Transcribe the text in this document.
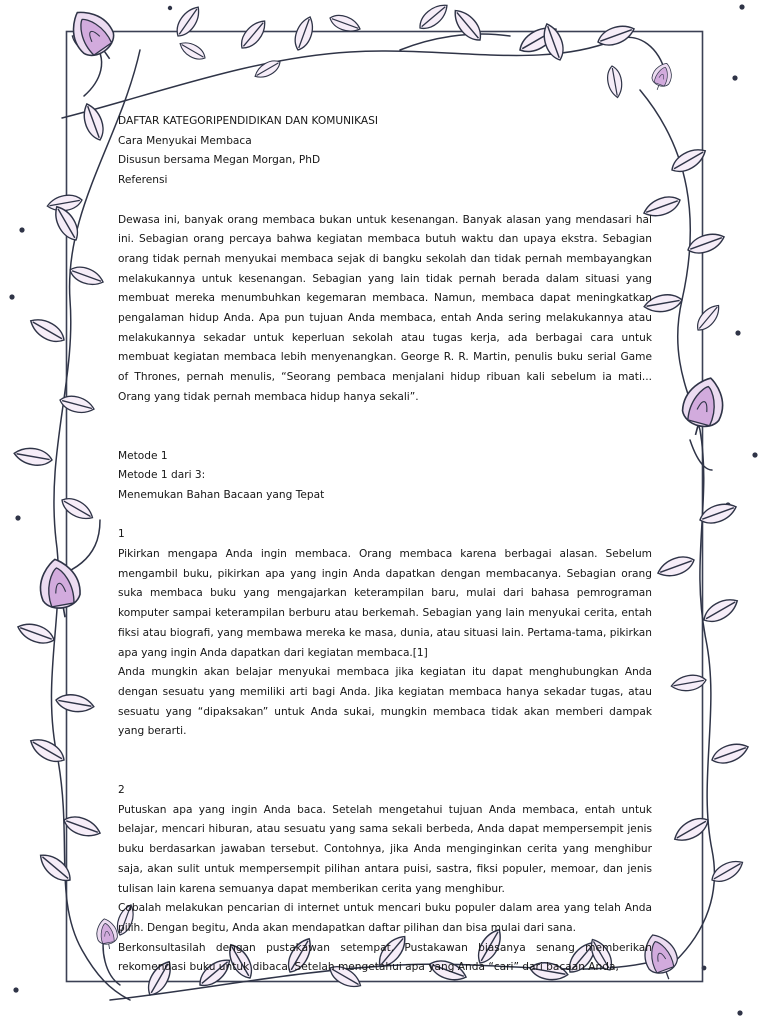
DAFTAR KATEGORIPENDIDIKAN DAN KOMUNIKASI
Cara Menyukai Membaca
Disusun bersama Megan Morgan, PhD
Referensi

Dewasa ini, banyak orang membaca bukan untuk kesenangan. Banyak alasan yang mendasari hal ini. Sebagian orang percaya bahwa kegiatan membaca butuh waktu dan upaya ekstra. Sebagian orang tidak pernah menyukai membaca sejak di bangku sekolah dan tidak pernah membayangkan melakukannya untuk kesenangan. Sebagian yang lain tidak pernah berada dalam situasi yang membuat mereka menumbuhkan kegemaran membaca. Namun, membaca dapat meningkatkan pengalaman hidup Anda. Apa pun tujuan Anda membaca, entah Anda sering melakukannya atau melakukannya sekadar untuk keperluan sekolah atau tugas kerja, ada berbagai cara untuk membuat kegiatan membaca lebih menyenangkan. George R. R. Martin, penulis buku serial Game of Thrones, pernah menulis, “Seorang pembaca menjalani hidup ribuan kali sebelum ia mati... Orang yang tidak pernah membaca hidup hanya sekali”.

Metode 1
Metode 1 dari 3:
Menemukan Bahan Bacaan yang Tepat
1

Pikirkan mengapa Anda ingin membaca. Orang membaca karena berbagai alasan. Sebelum mengambil buku, pikirkan apa yang ingin Anda dapatkan dengan membacanya. Sebagian orang suka membaca buku yang mengajarkan keterampilan baru, mulai dari bahasa pemrograman komputer sampai keterampilan berburu atau berkemah. Sebagian yang lain menyukai cerita, entah fiksi atau biografi, yang membawa mereka ke masa, dunia, atau situasi lain. Pertama-tama, pikirkan apa yang ingin Anda dapatkan dari kegiatan membaca.[1]

Anda mungkin akan belajar menyukai membaca jika kegiatan itu dapat menghubungkan Anda dengan sesuatu yang memiliki arti bagi Anda. Jika kegiatan membaca hanya sekadar tugas, atau sesuatu yang “dipaksakan” untuk Anda sukai, mungkin membaca tidak akan memberi dampak yang berarti.

2

Putuskan apa yang ingin Anda baca. Setelah mengetahui tujuan Anda membaca, entah untuk belajar, mencari hiburan, atau sesuatu yang sama sekali berbeda, Anda dapat mempersempit jenis buku berdasarkan jawaban tersebut. Contohnya, jika Anda menginginkan cerita yang menghibur saja, akan sulit untuk mempersempit pilihan antara puisi, sastra, fiksi populer, memoar, dan jenis tulisan lain karena semuanya dapat memberikan cerita yang menghibur.

Cobalah melakukan pencarian di internet untuk mencari buku populer dalam area yang telah Anda pilih. Dengan begitu, Anda akan mendapatkan daftar pilihan dan bisa mulai dari sana.

Berkonsultasilah dengan pustakawan setempat. Pustakawan biasanya senang memberikan rekomendasi buku untuk dibaca. Setelah mengetahui apa yang Anda “cari” dari bacaan Anda,
